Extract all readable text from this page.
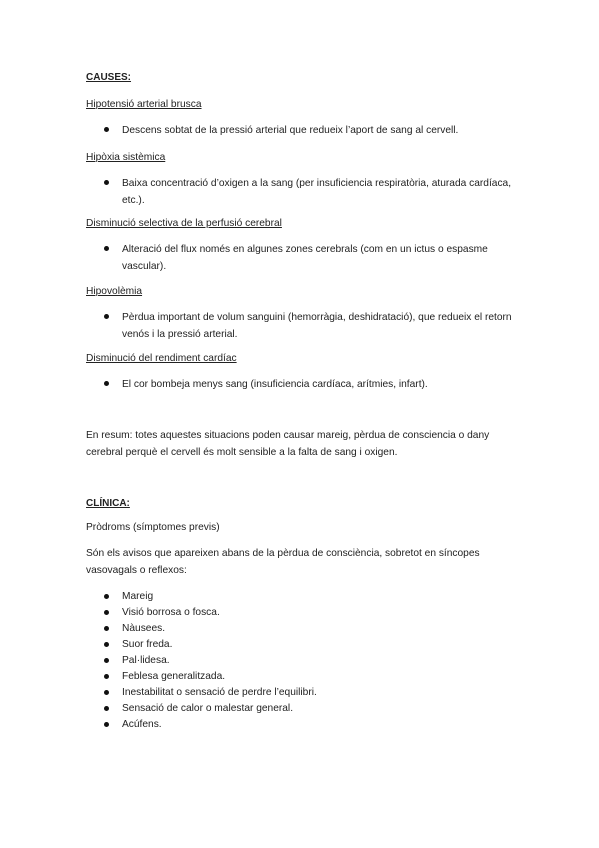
CAUSES:
Hipotensió arterial brusca
Descens sobtat de la pressió arterial que redueix l’aport de sang al cervell.
Hipòxia sistèmica
Baixa concentració d’oxigen a la sang (per insuficiencia respiratòria, aturada cardíaca, etc.).
Disminució selectiva de la perfusió cerebral
Alteració del flux només en algunes zones cerebrals (com en un ictus o espasme vascular).
Hipovolèmia
Pèrdua important de volum sanguini (hemorràgia, deshidratació), que redueix el retorn venós i la pressió arterial.
Disminució del rendiment cardíac
El cor bombeja menys sang (insuficiencia cardíaca, arítmies, infart).
En resum: totes aquestes situacions poden causar mareig, pèrdua de consciencia o dany cerebral perquè el cervell és molt sensible a la falta de sang i oxigen.
CLÍNICA:
Pròdroms (símptomes previs)
Són els avisos que apareixen abans de la pèrdua de consciència, sobretot en síncopes vasovagals o reflexos:
Mareig
Visió borrosa o fosca.
Nàusees.
Suor freda.
Pal·lidesa.
Feblesa generalitzada.
Inestabilitat o sensació de perdre l’equilibri.
Sensació de calor o malestar general.
Acúfens.
